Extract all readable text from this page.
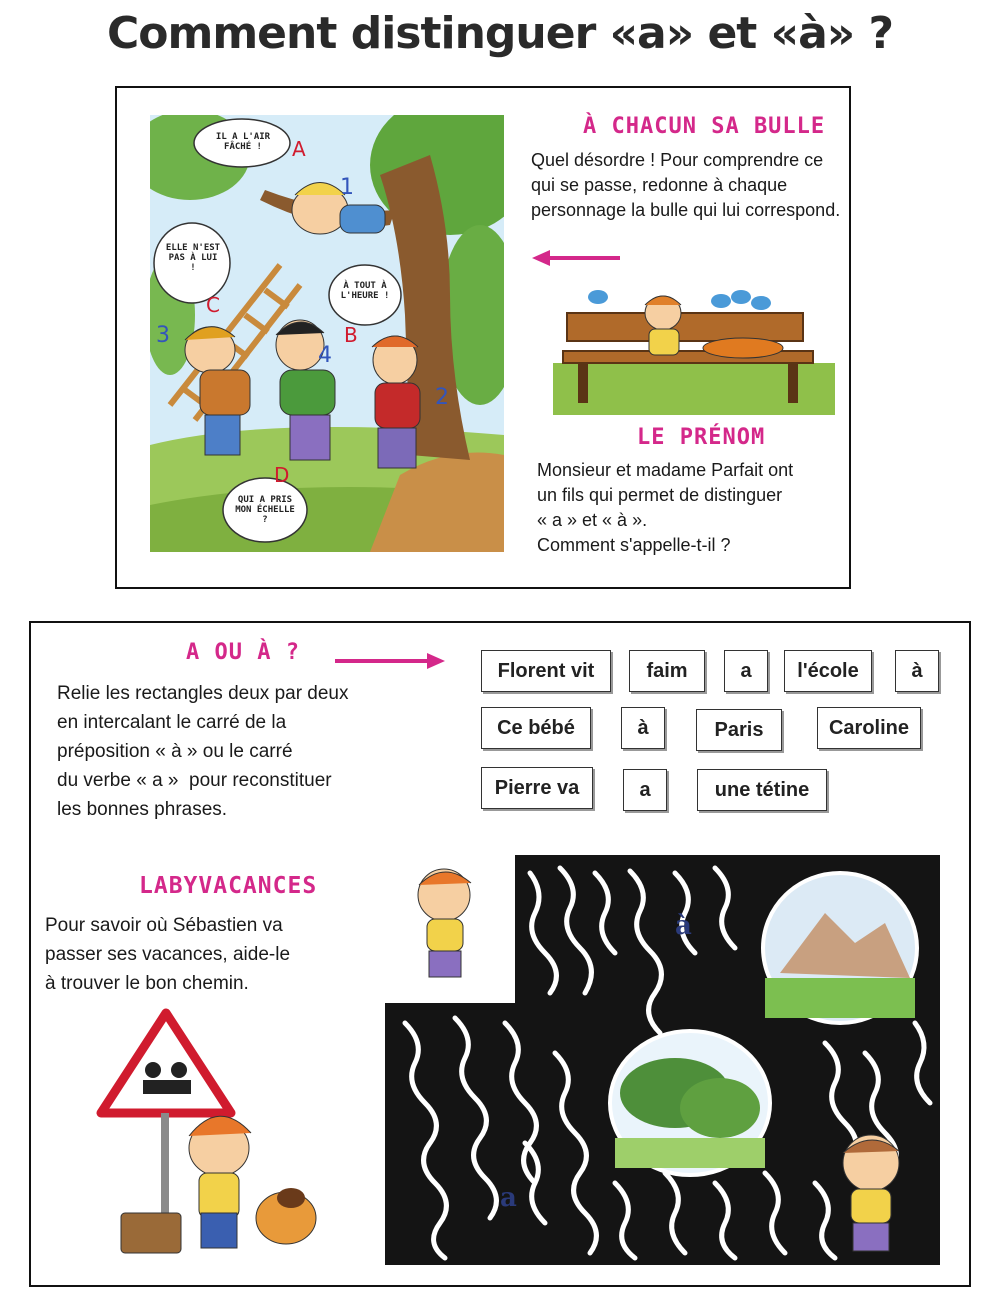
Comment distinguer «a» et «à» ?
IL A L'AIR FÂCHÉ !
ELLE N'EST PAS À LUI !
À TOUT À L'HEURE !
QUI A PRIS MON ÉCHELLE ?
A
B
C
D
1
2
3
4
À CHACUN SA BULLE
Quel désordre ! Pour comprendre ce qui se passe, redonne à chaque personnage la bulle qui lui correspond.
LE PRÉNOM
Monsieur et madame Parfait ont
un fils qui permet de distinguer
« a » et « à ».
Comment s'appelle-t-il ?
A OU À ?
Relie les rectangles deux par deux
en intercalant le carré de la
préposition « à » ou le carré
du verbe « a »  pour reconstituer
les bonnes phrases.
Florent vit	faim	a	l'école	à
Ce bébé	à	Paris	Caroline
Pierre va	a	une tétine
LABYVACANCES
Pour savoir où Sébastien va
passer ses vacances, aide-le
à trouver le bon chemin.
à
a
